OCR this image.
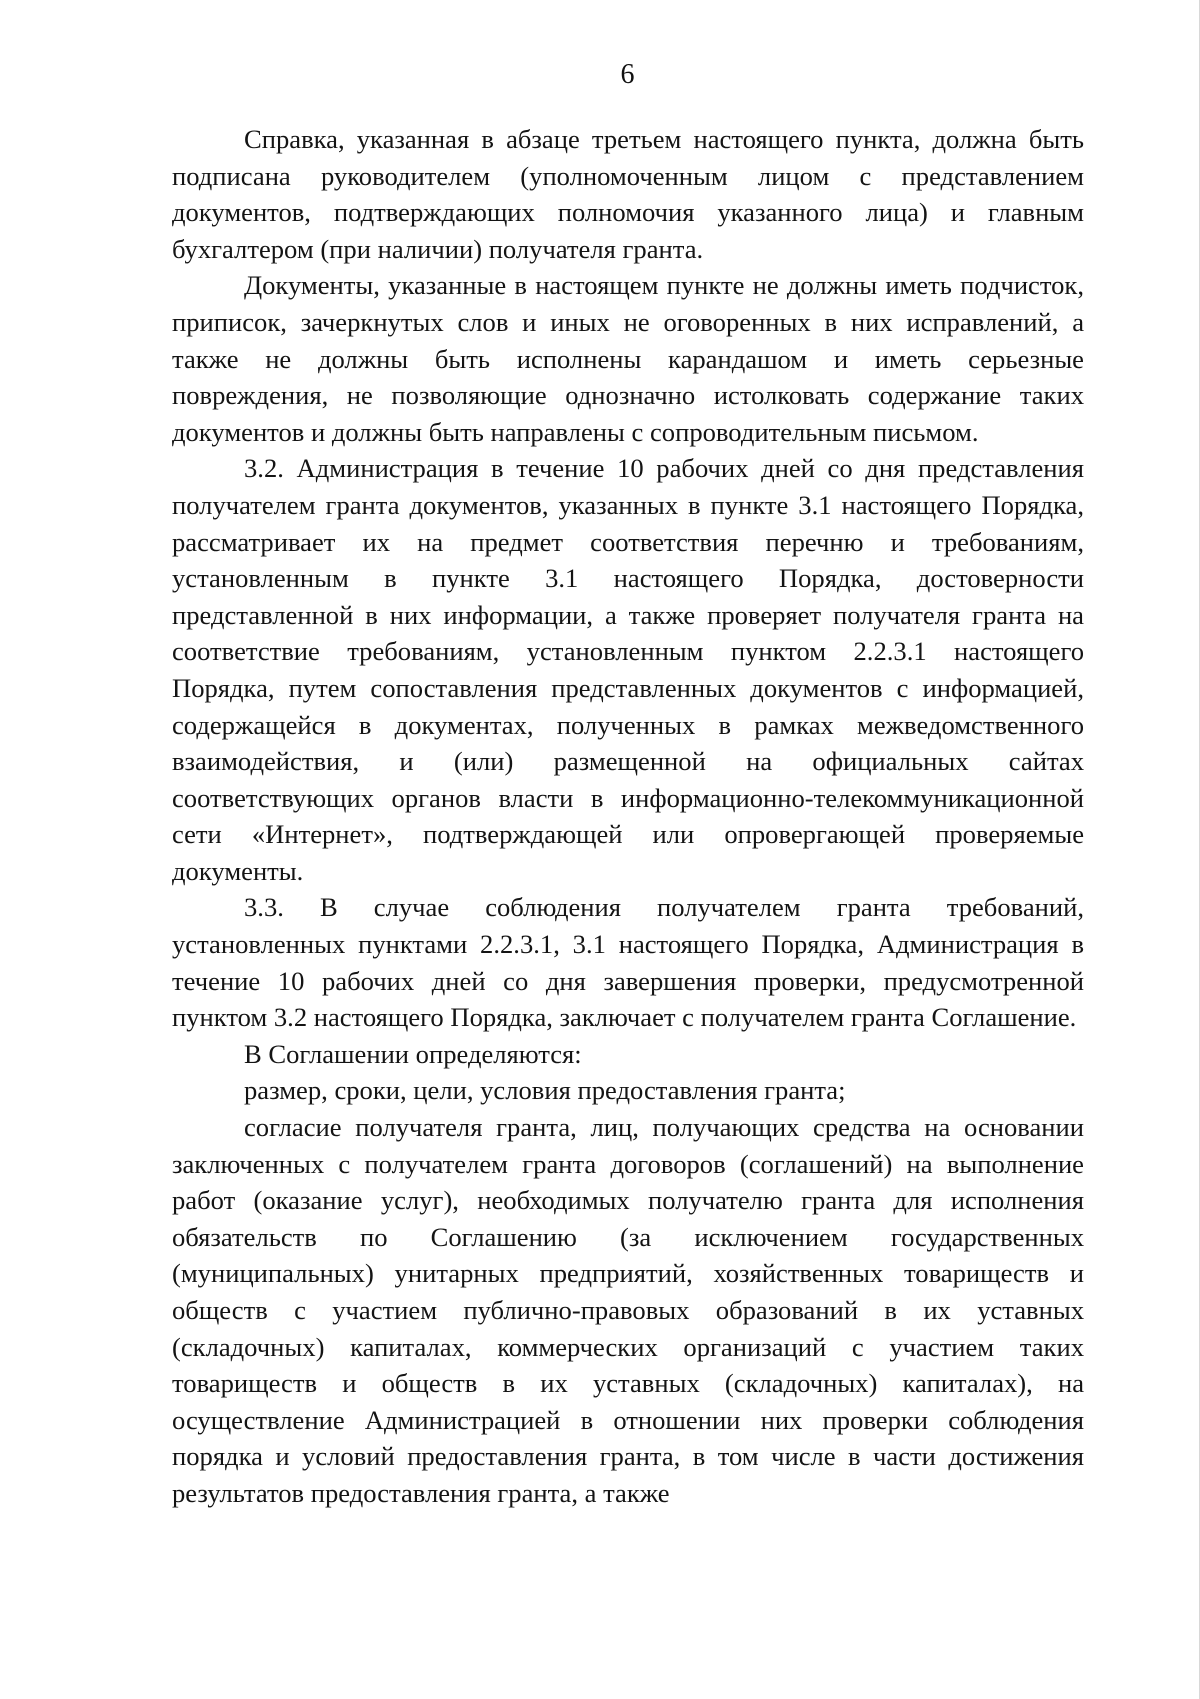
6

Справка, указанная в абзаце третьем настоящего пункта, должна быть подписана руководителем (уполномоченным лицом с представлением документов, подтверждающих полномочия указанного лица) и главным бухгалтером (при наличии) получателя гранта.

Документы, указанные в настоящем пункте не должны иметь подчисток, приписок, зачеркнутых слов и иных не оговоренных в них исправлений, а также не должны быть исполнены карандашом и иметь серьезные повреждения, не позволяющие однозначно истолковать содержание таких документов и должны быть направлены с сопроводительным письмом.

3.2. Администрация в течение 10 рабочих дней со дня представления получателем гранта документов, указанных в пункте 3.1 настоящего Порядка, рассматривает их на предмет соответствия перечню и требованиям, установленным в пункте 3.1 настоящего Порядка, достоверности представленной в них информации, а также проверяет получателя гранта на соответствие требованиям, установленным пунктом 2.2.3.1 настоящего Порядка, путем сопоставления представленных документов с информацией, содержащейся в документах, полученных в рамках межведомственного взаимодействия, и (или) размещенной на официальных сайтах соответствующих органов власти в информационно-телекоммуникационной сети «Интернет», подтверждающей или опровергающей проверяемые документы.

3.3. В случае соблюдения получателем гранта требований, установленных пунктами 2.2.3.1, 3.1 настоящего Порядка, Администрация в течение 10 рабочих дней со дня завершения проверки, предусмотренной пунктом 3.2 настоящего Порядка, заключает с получателем гранта Соглашение.

В Соглашении определяются:

размер, сроки, цели, условия предоставления гранта;

согласие получателя гранта, лиц, получающих средства на основании заключенных с получателем гранта договоров (соглашений) на выполнение работ (оказание услуг), необходимых получателю гранта для исполнения обязательств по Соглашению (за исключением государственных (муниципальных) унитарных предприятий, хозяйственных товариществ и обществ с участием публично-правовых образований в их уставных (складочных) капиталах, коммерческих организаций с участием таких товариществ и обществ в их уставных (складочных) капиталах), на осуществление Администрацией в отношении них проверки соблюдения порядка и условий предоставления гранта, в том числе в части достижения результатов предоставления гранта, а также
